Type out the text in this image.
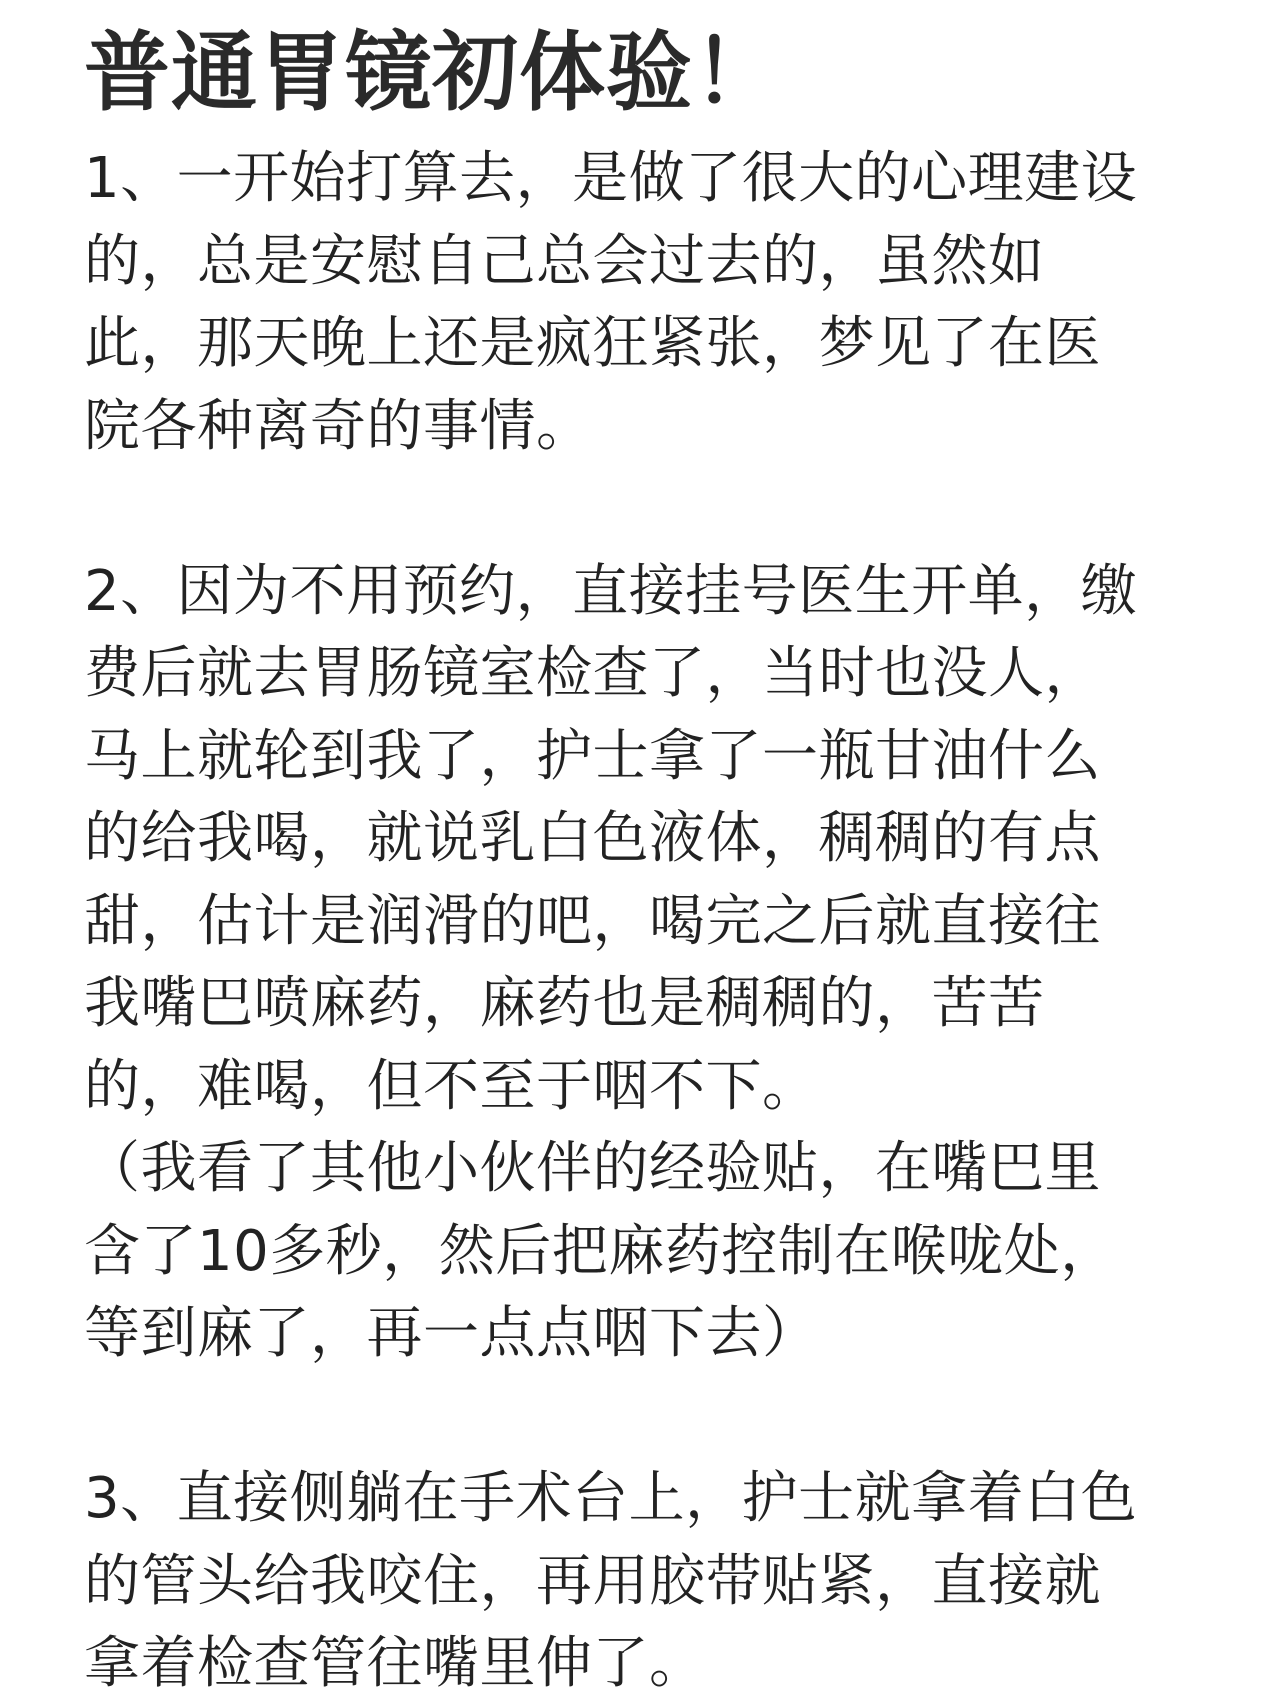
普通胃镜初体验！
1、一开始打算去，是做了很大的心理建设
的，总是安慰自己总会过去的，虽然如
此，那天晚上还是疯狂紧张，梦见了在医
院各种离奇的事情。
2、因为不用预约，直接挂号医生开单，缴
费后就去胃肠镜室检查了，当时也没人，
马上就轮到我了，护士拿了一瓶甘油什么
的给我喝，就说乳白色液体，稠稠的有点
甜，估计是润滑的吧，喝完之后就直接往
我嘴巴喷麻药，麻药也是稠稠的，苦苦
的，难喝，但不至于咽不下。
（我看了其他小伙伴的经验贴，在嘴巴里
含了10多秒，然后把麻药控制在喉咙处，
等到麻了，再一点点咽下去）
3、直接侧躺在手术台上，护士就拿着白色
的管头给我咬住，再用胶带贴紧，直接就
拿着检查管往嘴里伸了。
